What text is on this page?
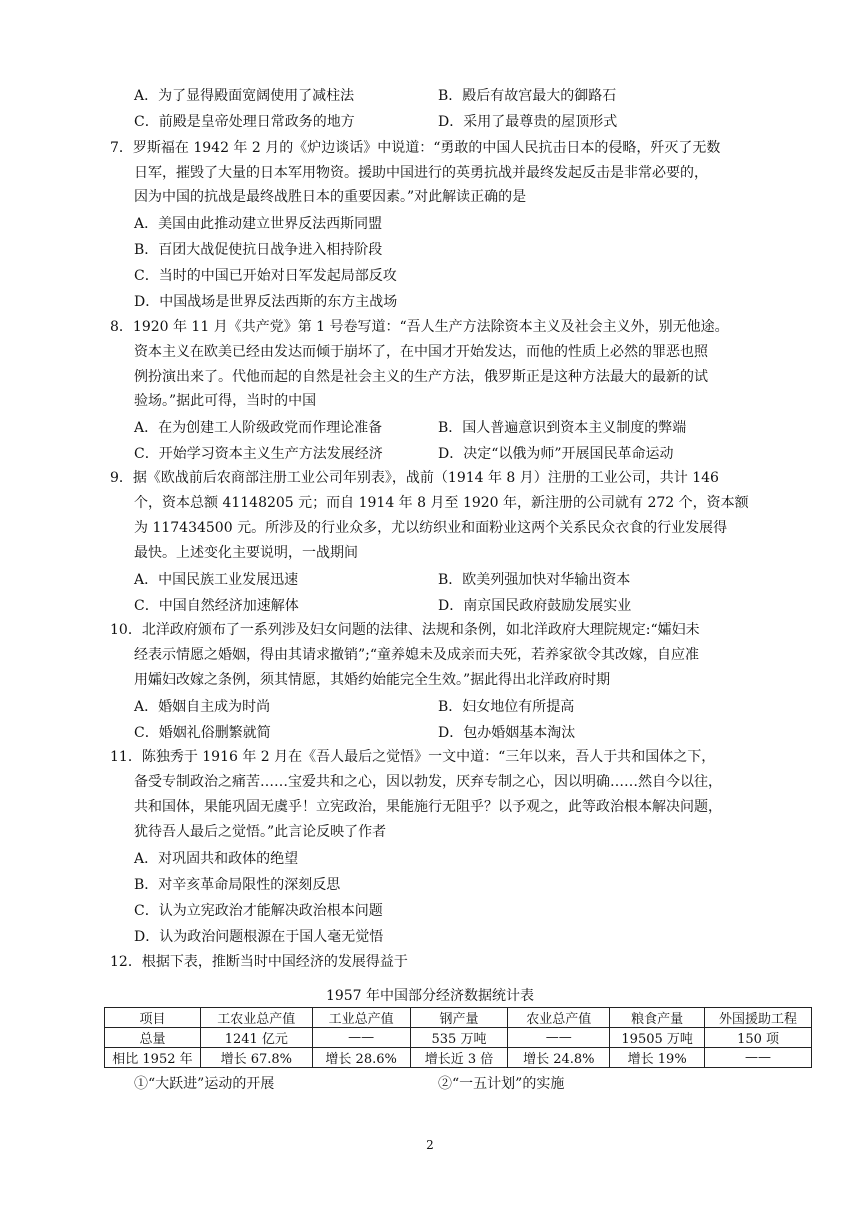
A．为了显得殿面宽阔使用了减柱法	B．殿后有故宫最大的御路石
C．前殿是皇帝处理日常政务的地方	D．采用了最尊贵的屋顶形式
7．罗斯福在 1942 年 2 月的《炉边谈话》中说道：“勇敢的中国人民抗击日本的侵略，歼灭了无数
日军，摧毁了大量的日本军用物资。援助中国进行的英勇抗战并最终发起反击是非常必要的，
因为中国的抗战是最终战胜日本的重要因素。”对此解读正确的是
A．美国由此推动建立世界反法西斯同盟
B．百团大战促使抗日战争进入相持阶段
C．当时的中国已开始对日军发起局部反攻
D．中国战场是世界反法西斯的东方主战场
8．1920 年 11 月《共产党》第 1 号卷写道：“吾人生产方法除资本主义及社会主义外，别无他途。
资本主义在欧美已经由发达而倾于崩坏了，在中国才开始发达，而他的性质上必然的罪恶也照
例扮演出来了。代他而起的自然是社会主义的生产方法，俄罗斯正是这种方法最大的最新的试
验场。”据此可得，当时的中国
A．在为创建工人阶级政党而作理论准备	B．国人普遍意识到资本主义制度的弊端
C．开始学习资本主义生产方法发展经济	D．决定“以俄为师”开展国民革命运动
9．据《欧战前后农商部注册工业公司年别表》，战前（1914 年 8 月）注册的工业公司，共计 146
个，资本总额 41148205 元；而自 1914 年 8 月至 1920 年，新注册的公司就有 272 个，资本额
为 117434500 元。所涉及的行业众多，尤以纺织业和面粉业这两个关系民众衣食的行业发展得
最快。上述变化主要说明，一战期间
A．中国民族工业发展迅速	B．欧美列强加快对华输出资本
C．中国自然经济加速解体	D．南京国民政府鼓励发展实业
10．北洋政府颁布了一系列涉及妇女问题的法律、法规和条例，如北洋政府大理院规定:“孀妇未
经表示情愿之婚姻，得由其请求撤销”;“童养媳未及成亲而夫死，若养家欲令其改嫁，自应准
用孀妇改嫁之条例，须其情愿，其婚约始能完全生效。”据此得出北洋政府时期
A．婚姻自主成为时尚	B．妇女地位有所提高
C．婚姻礼俗删繁就简	D．包办婚姻基本淘汰
11．陈独秀于 1916 年 2 月在《吾人最后之觉悟》一文中道：“三年以来，吾人于共和国体之下，
备受专制政治之痛苦……宝爱共和之心，因以勃发，厌弃专制之心，因以明确……然自今以往，
共和国体，果能巩固无虞乎！立宪政治，果能施行无阻乎？以予观之，此等政治根本解决问题，
犹待吾人最后之觉悟。”此言论反映了作者
A．对巩固共和政体的绝望
B．对辛亥革命局限性的深刻反思
C．认为立宪政治才能解决政治根本问题
D．认为政治问题根源在于国人毫无觉悟
12．根据下表，推断当时中国经济的发展得益于
1957 年中国部分经济数据统计表
项目	工农业总产值	工业总产值	钢产量	农业总产值	粮食产量	外国援助工程
总量	1241 亿元	——	535 万吨	——	19505 万吨	150 项
相比 1952 年	增长 67.8%	增长 28.6%	增长近 3 倍	增长 24.8%	增长 19%	——
①“大跃进”运动的开展	②“一五计划”的实施
2
